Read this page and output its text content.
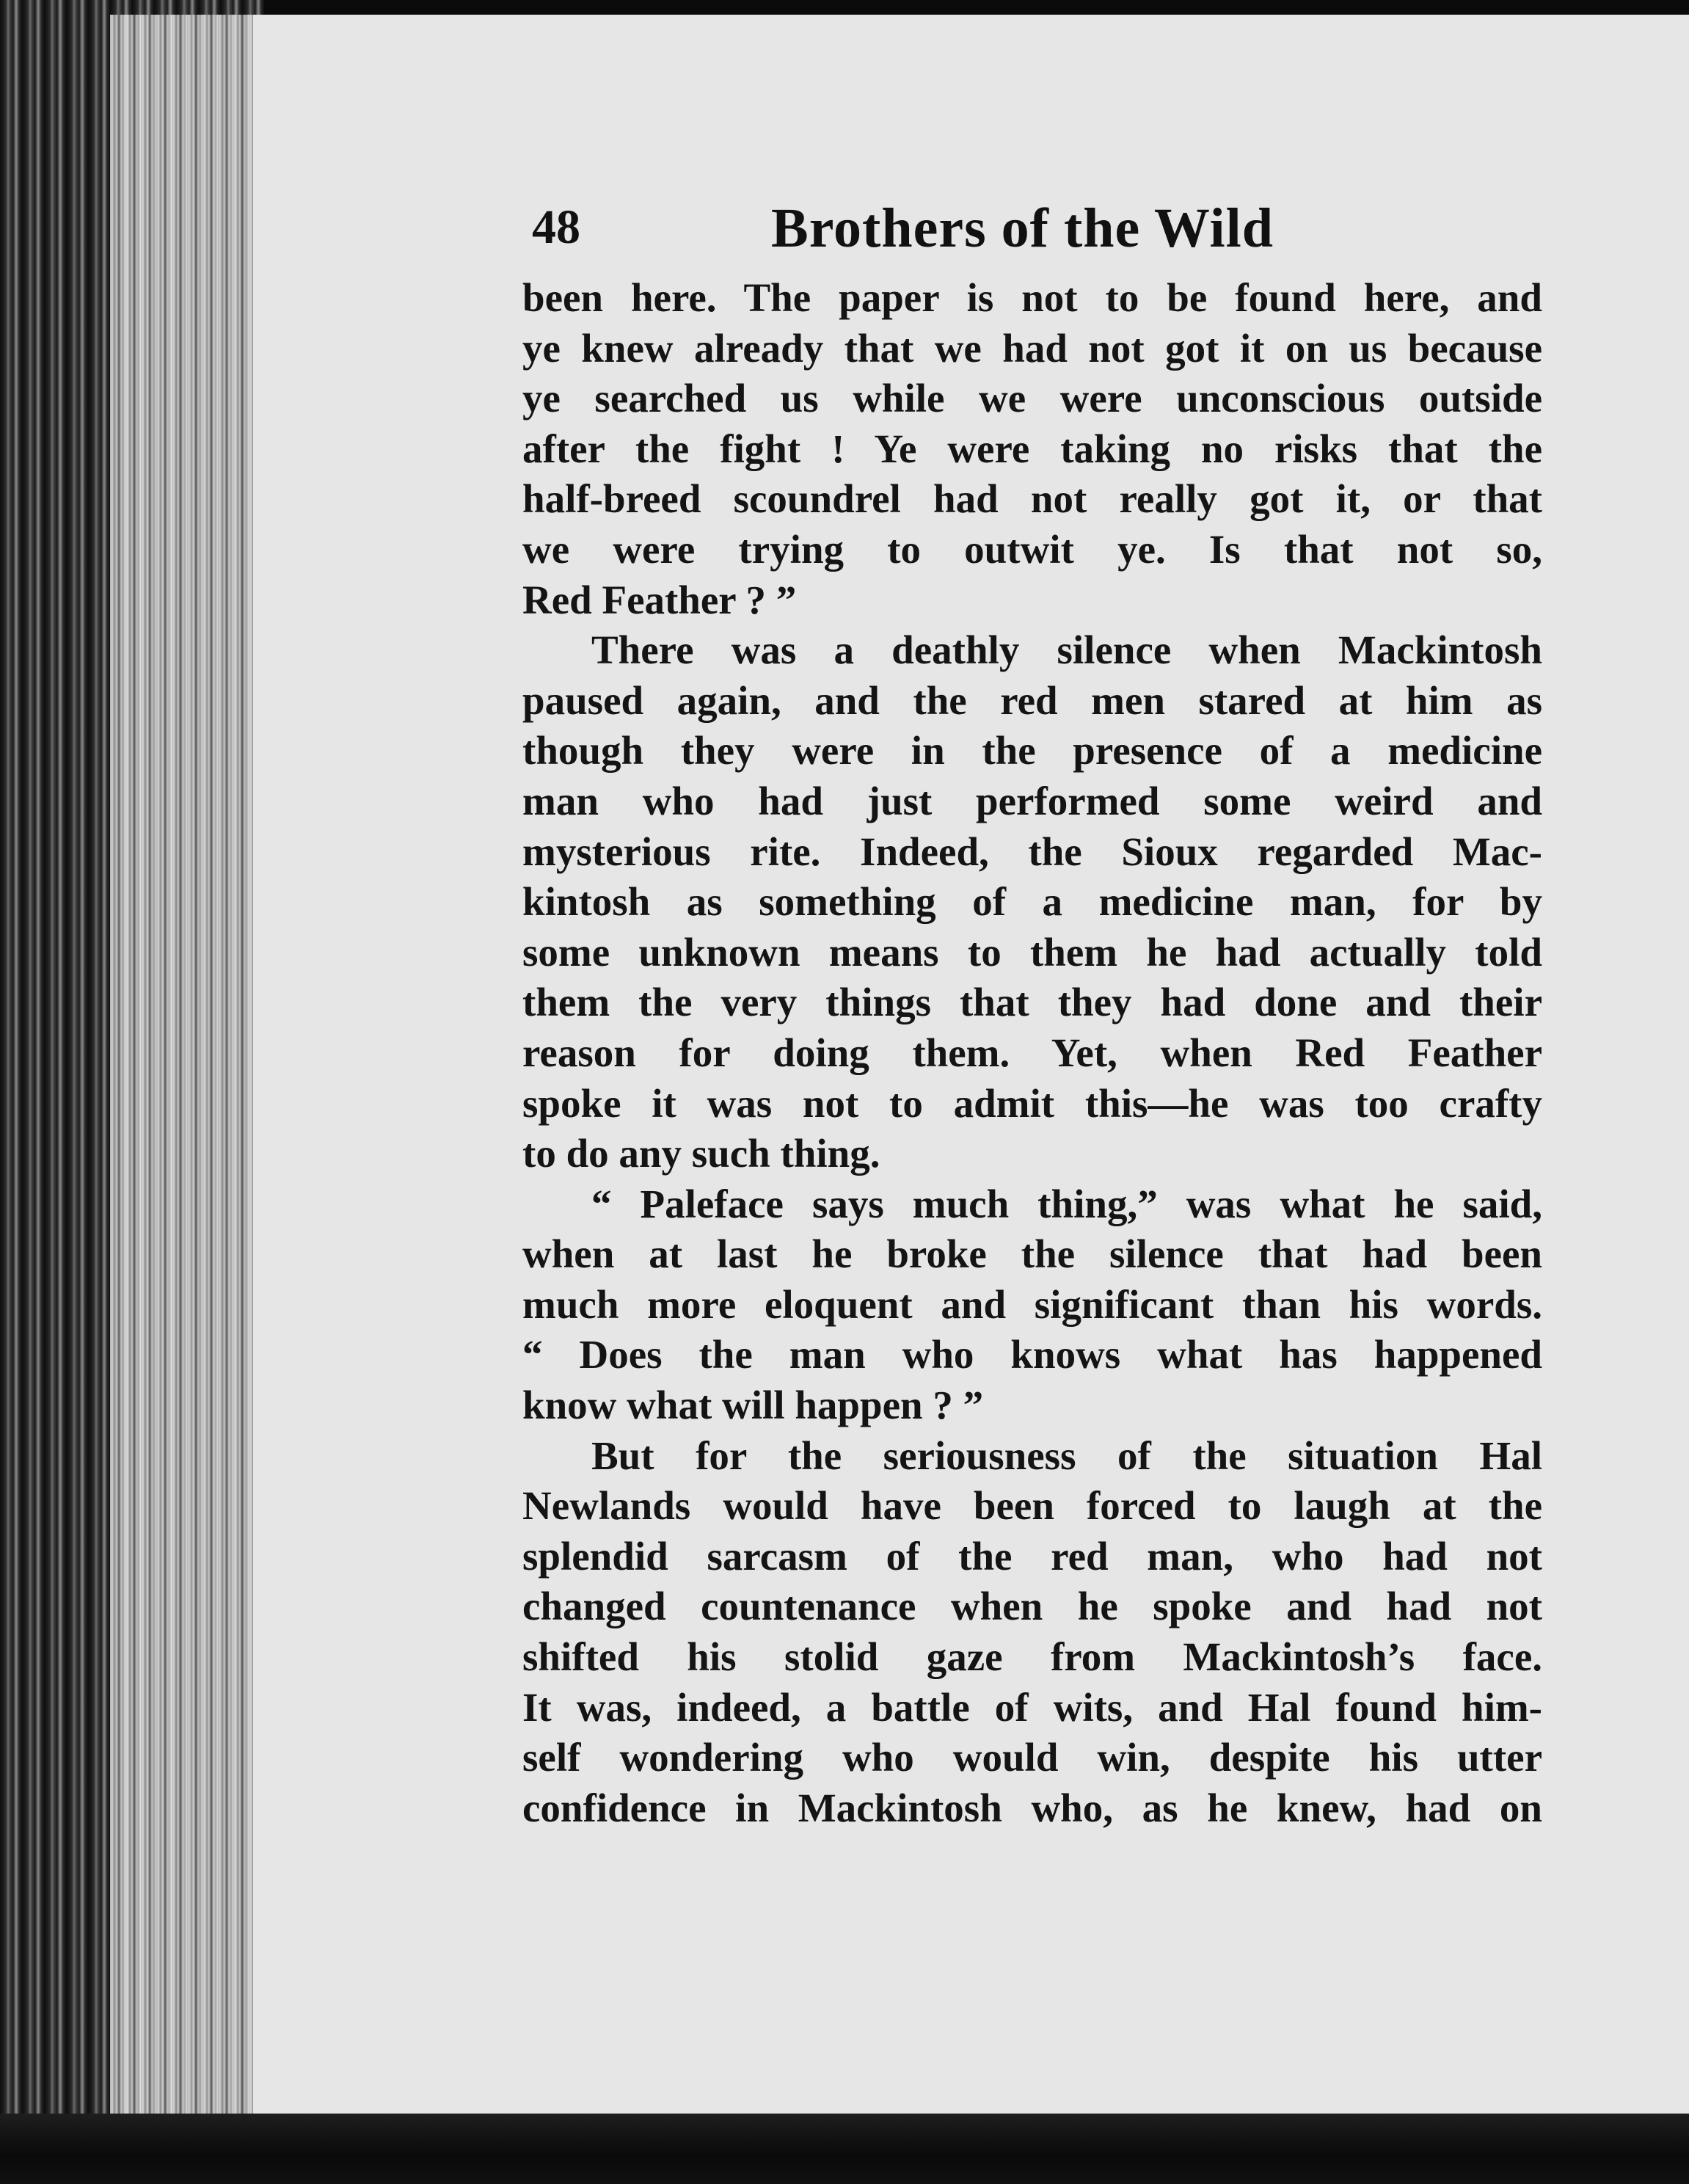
48	Brothers of the Wild
been here. The paper is not to be found here, and
ye knew already that we had not got it on us because
ye searched us while we were unconscious outside
after the fight ! Ye were taking no risks that the
half-breed scoundrel had not really got it, or that
we were trying to outwit ye. Is that not so,
Red Feather ? ”
There was a deathly silence when Mackintosh
paused again, and the red men stared at him as
though they were in the presence of a medicine
man who had just performed some weird and
mysterious rite. Indeed, the Sioux regarded Mac-
kintosh as something of a medicine man, for by
some unknown means to them he had actually told
them the very things that they had done and their
reason for doing them. Yet, when Red Feather
spoke it was not to admit this—he was too crafty
to do any such thing.
“ Paleface says much thing,” was what he said,
when at last he broke the silence that had been
much more eloquent and significant than his words.
“ Does the man who knows what has happened
know what will happen ? ”
But for the seriousness of the situation Hal
Newlands would have been forced to laugh at the
splendid sarcasm of the red man, who had not
changed countenance when he spoke and had not
shifted his stolid gaze from Mackintosh’s face.
It was, indeed, a battle of wits, and Hal found him-
self wondering who would win, despite his utter
confidence in Mackintosh who, as he knew, had on
